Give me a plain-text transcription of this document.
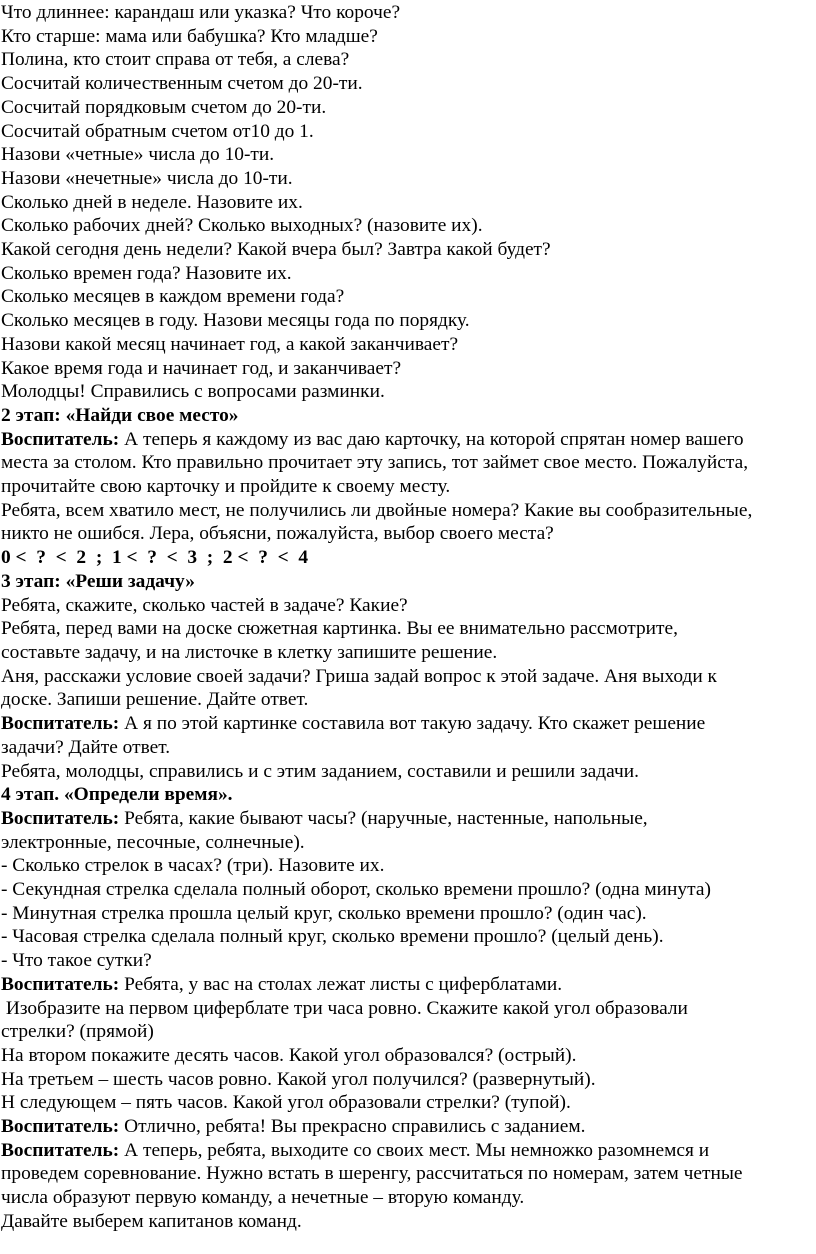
Что длиннее: карандаш или указка? Что короче?
Кто старше: мама или бабушка? Кто младше?
Полина, кто стоит справа от тебя, а слева?
Сосчитай количественным счетом до 20-ти.
Сосчитай порядковым счетом до 20-ти.
Сосчитай обратным счетом от10 до 1.
Назови «четные» числа до 10-ти.
Назови «нечетные» числа до 10-ти.
Сколько дней в неделе. Назовите их.
Сколько рабочих дней? Сколько выходных? (назовите их).
Какой сегодня день недели? Какой вчера был? Завтра какой будет?
Сколько времен года? Назовите их.
Сколько месяцев в каждом времени года?
Сколько месяцев в году. Назови месяцы года по порядку.
Назови какой месяц начинает год, а какой заканчивает?
Какое время года и начинает год, и заканчивает?
Молодцы! Справились с вопросами разминки.
2 этап: «Найди свое место»
Воспитатель: А теперь я каждому из вас даю карточку, на которой спрятан номер вашего
места за столом. Кто правильно прочитает эту запись, тот займет свое место. Пожалуйста,
прочитайте свою карточку и пройдите к своему месту.
Ребята, всем хватило мест, не получились ли двойные номера? Какие вы сообразительные,
никто не ошибся. Лера, объясни, пожалуйста, выбор своего места?
0 <  ?  <  2  ;  1 <  ?  <  3  ;  2 <  ?  <  4
3 этап: «Реши задачу»
Ребята, скажите, сколько частей в задаче? Какие?
Ребята, перед вами на доске сюжетная картинка. Вы ее внимательно рассмотрите,
составьте задачу, и на листочке в клетку запишите решение.
Аня, расскажи условие своей задачи? Гриша задай вопрос к этой задаче. Аня выходи к
доске. Запиши решение. Дайте ответ.
Воспитатель: А я по этой картинке составила вот такую задачу. Кто скажет решение
задачи? Дайте ответ.
Ребята, молодцы, справились и с этим заданием, составили и решили задачи.
4 этап. «Определи время».
Воспитатель: Ребята, какие бывают часы? (наручные, настенные, напольные,
электронные, песочные, солнечные).
- Сколько стрелок в часах? (три). Назовите их.
- Секундная стрелка сделала полный оборот, сколько времени прошло? (одна минута)
- Минутная стрелка прошла целый круг, сколько времени прошло? (один час).
- Часовая стрелка сделала полный круг, сколько времени прошло? (целый день).
- Что такое сутки?
Воспитатель: Ребята, у вас на столах лежат листы с циферблатами.
Изобразите на первом циферблате три часа ровно. Скажите какой угол образовали
стрелки? (прямой)
На втором покажите десять часов. Какой угол образовался? (острый).
На третьем – шесть часов ровно. Какой угол получился? (развернутый).
Н следующем – пять часов. Какой угол образовали стрелки? (тупой).
Воспитатель: Отлично, ребята! Вы прекрасно справились с заданием.
Воспитатель: А теперь, ребята, выходите со своих мест. Мы немножко разомнемся и
проведем соревнование. Нужно встать в шеренгу, рассчитаться по номерам, затем четные
числа образуют первую команду, а нечетные – вторую команду.
Давайте выберем капитанов команд.
